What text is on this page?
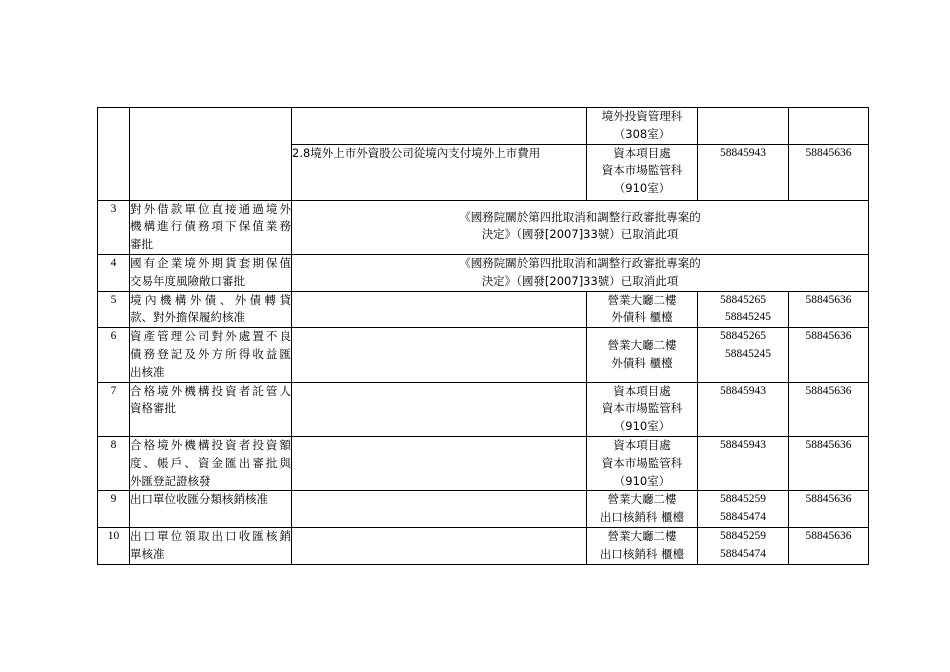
			境外投資管理科
（308室）		

		2.8境外上市外資股公司從境內支付境外上市費用	資本項目處
資本市場監管科
（910室）	58845943	58845636
3	對外借款單位直接通過境外
機構進行債務項下保值業務
審批	《國務院關於第四批取消和調整行政審批專案的
決定》（國發[2007]33號）已取消此項			

4	國有企業境外期貨套期保值
交易年度風險敞口審批	《國務院關於第四批取消和調整行政審批專案的
決定》（國發[2007]33號）已取消此項			

5	境內機構外債、外債轉貸
款、對外擔保履約核准		營業大廳二樓
外債科 櫃檯	58845265
58845245	58845636
6	資產管理公司對外處置不良
債務登記及外方所得收益匯
出核准		營業大廳二樓
外債科 櫃檯	58845265
58845245	58845636
7	合格境外機構投資者託管人
資格審批		資本項目處
資本市場監管科
（910室）	58845943	58845636
8	合格境外機構投資者投資額
度、帳戶、資金匯出審批與
外匯登記證核發		資本項目處
資本市場監管科
（910室）	58845943	58845636
9	出口單位收匯分類核銷核准		營業大廳二樓
出口核銷科 櫃檯	58845259
58845474	58845636
10	出口單位領取出口收匯核銷
單核准		營業大廳二樓
出口核銷科 櫃檯	58845259
58845474	58845636
